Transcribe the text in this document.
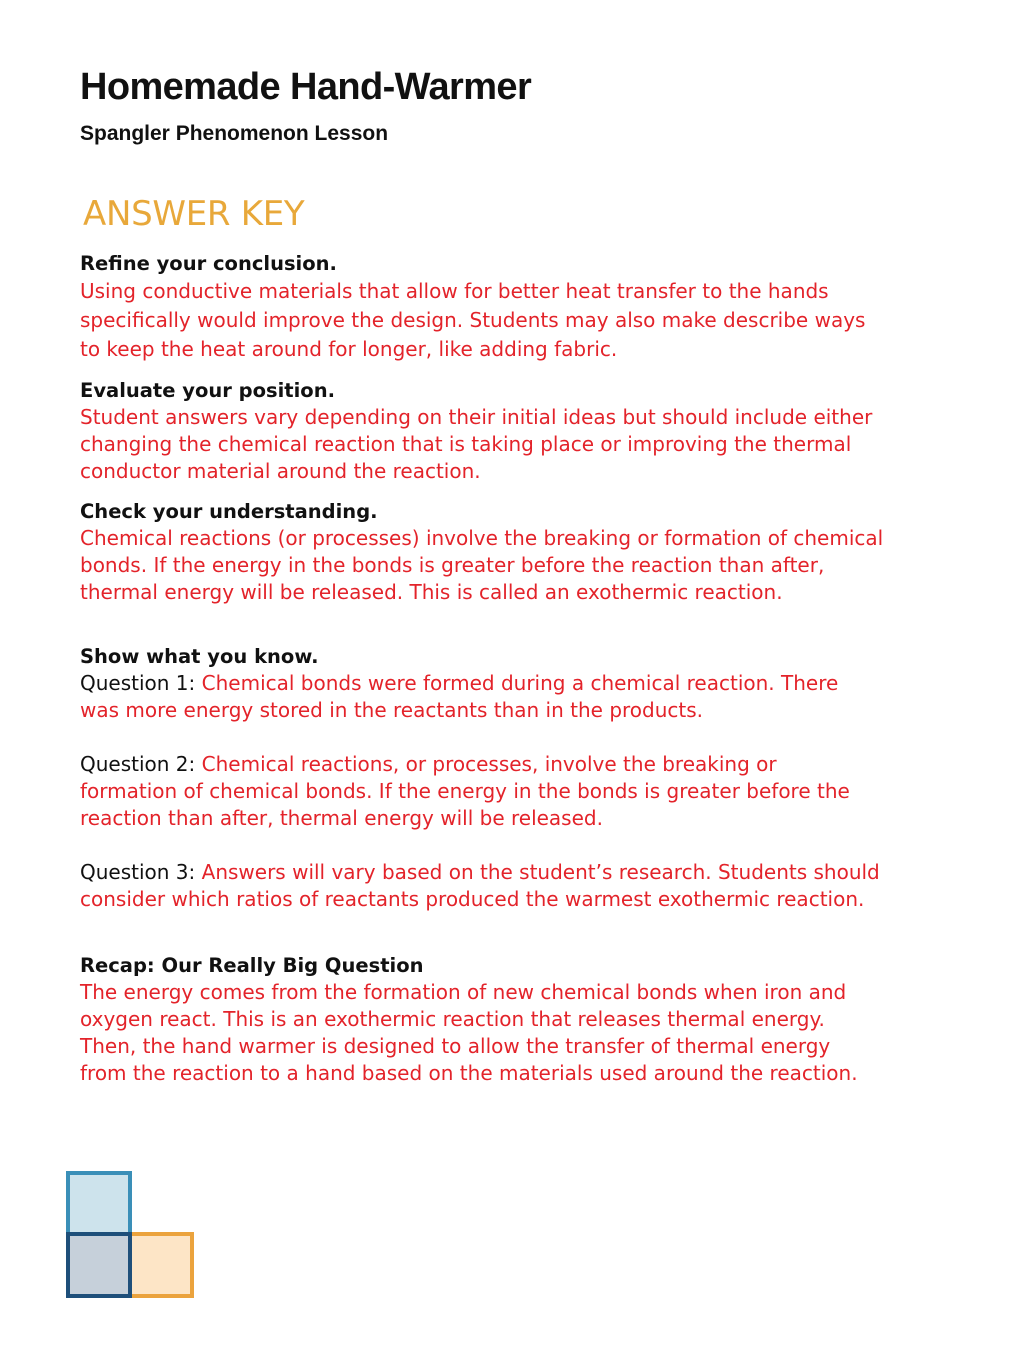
Homemade Hand-Warmer
Spangler Phenomenon Lesson
ANSWER KEY
Refine your conclusion.
Using conductive materials that allow for better heat transfer to the hands
specifically would improve the design. Students may also make describe ways
to keep the heat around for longer, like adding fabric.
Evaluate your position.
Student answers vary depending on their initial ideas but should include either
changing the chemical reaction that is taking place or improving the thermal
conductor material around the reaction.
Check your understanding.
Chemical reactions (or processes) involve the breaking or formation of chemical
bonds. If the energy in the bonds is greater before the reaction than after,
thermal energy will be released. This is called an exothermic reaction.
Show what you know.
Question 1: Chemical bonds were formed during a chemical reaction. There
was more energy stored in the reactants than in the products.
Question 2: Chemical reactions, or processes, involve the breaking or
formation of chemical bonds. If the energy in the bonds is greater before the
reaction than after, thermal energy will be released.
Question 3: Answers will vary based on the student’s research. Students should
consider which ratios of reactants produced the warmest exothermic reaction.
Recap: Our Really Big Question
The energy comes from the formation of new chemical bonds when iron and
oxygen react. This is an exothermic reaction that releases thermal energy.
Then, the hand warmer is designed to allow the transfer of thermal energy
from the reaction to a hand based on the materials used around the reaction.
